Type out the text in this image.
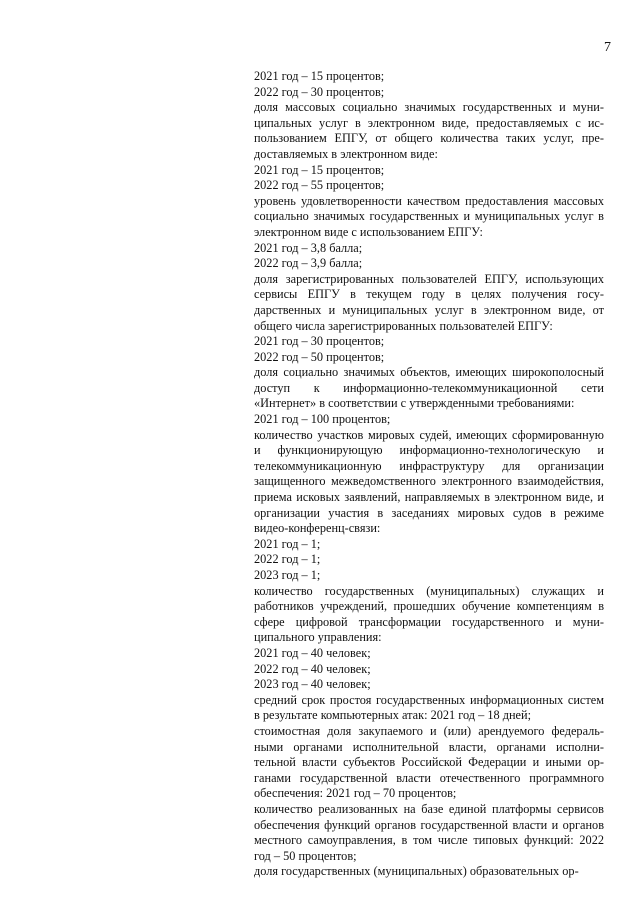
7

2021 год – 15 процентов;

2022 год – 30 процентов;

доля массовых социально значимых государственных и муниципальных услуг в электронном виде, предоставляемых с использованием ЕПГУ, от общего количества таких услуг, предоставляемых в электронном виде:

2021 год – 15 процентов;

2022 год – 55 процентов;

уровень удовлетворенности качеством предоставления массовых социально значимых государственных и муниципальных услуг в электронном виде с использованием ЕПГУ:

2021 год – 3,8 балла;

2022 год – 3,9 балла;

доля зарегистрированных пользователей ЕПГУ, использующих сервисы ЕПГУ в текущем году в целях получения государственных и муниципальных услуг в электронном виде, от общего числа зарегистрированных пользователей ЕПГУ:

2021 год – 30 процентов;

2022 год – 50 процентов;

доля социально значимых объектов, имеющих широкополосный доступ к информационно-телекоммуникационной сети «Интернет» в соответствии с утвержденными требованиями:

2021 год – 100 процентов;

количество участков мировых судей, имеющих сформированную и функционирующую информационно-технологическую и телекоммуникационную инфраструктуру для организации защищенного межведомственного электронного взаимодействия, приема исковых заявлений, направляемых в электронном виде, и организации участия в заседаниях мировых судов в режиме видео-конференц-связи:

2021 год – 1;

2022 год – 1;

2023 год – 1;

количество государственных (муниципальных) служащих и работников учреждений, прошедших обучение компетенциям в сфере цифровой трансформации государственного и муниципального управления:

2021 год – 40 человек;

2022 год – 40 человек;

2023 год – 40 человек;

средний срок простоя государственных информационных систем в результате компьютерных атак: 2021 год – 18 дней;

стоимостная доля закупаемого и (или) арендуемого федеральными органами исполнительной власти, органами исполнительной власти субъектов Российской Федерации и иными органами государственной власти отечественного программного обеспечения: 2021 год – 70 процентов;

количество реализованных на базе единой платформы сервисов обеспечения функций органов государственной власти и органов местного самоуправления, в том числе типовых функций: 2022 год – 50 процентов;

доля государственных (муниципальных) образовательных ор-
